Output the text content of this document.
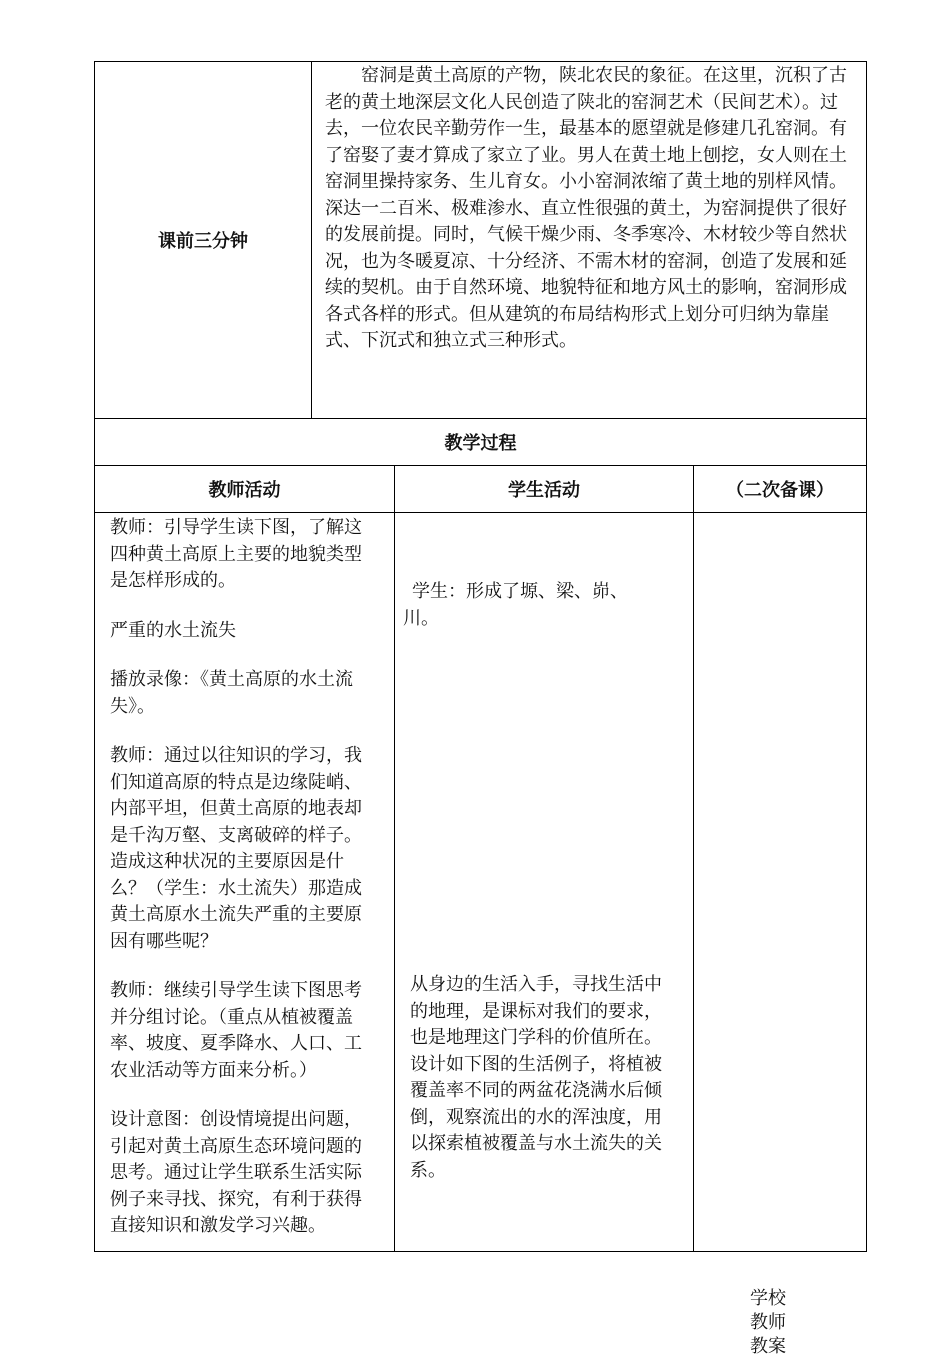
课前三分钟

窑洞是黄土高原的产物，陕北农民的象征。在这里，沉积了古老的黄土地深层文化人民创造了陕北的窑洞艺术（民间艺术）。过去，一位农民辛勤劳作一生，最基本的愿望就是修建几孔窑洞。有了窑娶了妻才算成了家立了业。男人在黄土地上刨挖，女人则在土窑洞里操持家务、生儿育女。小小窑洞浓缩了黄土地的别样风情。

深达一二百米、极难渗水、直立性很强的黄土，为窑洞提供了很好的发展前提。同时，气候干燥少雨、冬季寒冷、木材较少等自然状况，也为冬暖夏凉、十分经济、不需木材的窑洞，创造了发展和延续的契机。由于自然环境、地貌特征和地方风土的影响，窑洞形成各式各样的形式。但从建筑的布局结构形式上划分可归纳为靠崖式、下沉式和独立式三种形式。

教学过程
教师活动	学生活动	（二次备课）

教师：引导学生读下图，了解这四种黄土高原上主要的地貌类型是怎样形成的。

严重的水土流失

播放录像：《黄土高原的水土流失》。

教师：通过以往知识的学习，我们知道高原的特点是边缘陡峭、内部平坦，但黄土高原的地表却是千沟万壑、支离破碎的样子。造成这种状况的主要原因是什么？（学生：水土流失）那造成黄土高原水土流失严重的主要原因有哪些呢？

教师：继续引导学生读下图思考并分组讨论。（重点从植被覆盖率、坡度、夏季降水、人口、工农业活动等方面来分析。）

设计意图：创设情境提出问题，引起对黄土高原生态环境问题的思考。通过让学生联系生活实际例子来寻找、探究，有利于获得直接知识和激发学习兴趣。

学生：形成了塬、梁、峁、川。

从身边的生活入手，寻找生活中的地理，是课标对我们的要求，也是地理这门学科的价值所在。设计如下图的生活例子，将植被覆盖率不同的两盆花浇满水后倾倒，观察流出的水的浑浊度，用以探索植被覆盖与水土流失的关系。

学校
教师
教案
